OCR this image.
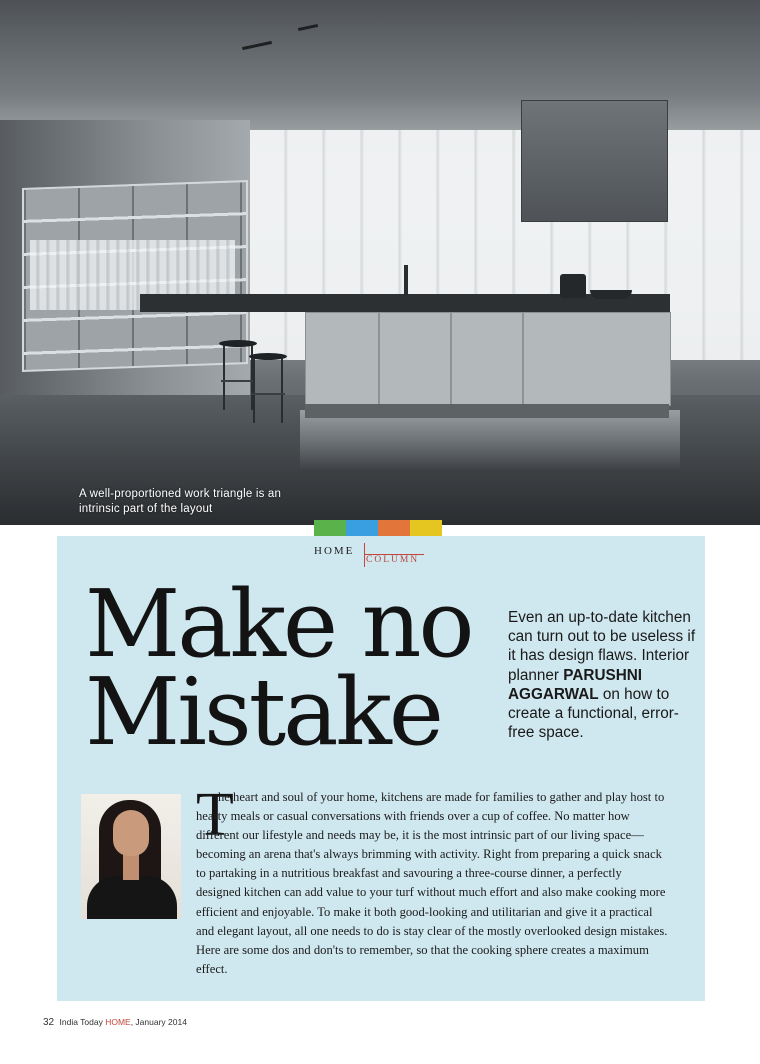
A well-proportioned work triangle is an intrinsic part of the layout
HOME
COLUMN
Make no
Mistake

Even an up-to-date kitchen can turn out to be useless if it has design flaws. Interior planner PARUSHNI AGGARWAL on how to create a functional, error-free space.

T

he heart and soul of your home, kitchens are made for families to gather and play host to hearty meals or casual conversations with friends over a cup of coffee. No matter how different our lifestyle and needs may be, it is the most intrinsic part of our living space—becoming an arena that's always brimming with activity. Right from preparing a quick snack to partaking in a nutritious breakfast and savouring a three-course dinner, a perfectly designed kitchen can add value to your turf without much effort and also make cooking more efficient and enjoyable. To make it both good-looking and utilitarian and give it a practical and elegant layout, all one needs to do is stay clear of the mostly overlooked design mistakes. Here are some dos and don'ts to remember, so that the cooking sphere creates a maximum effect.

32 India Today HOME, January 2014
